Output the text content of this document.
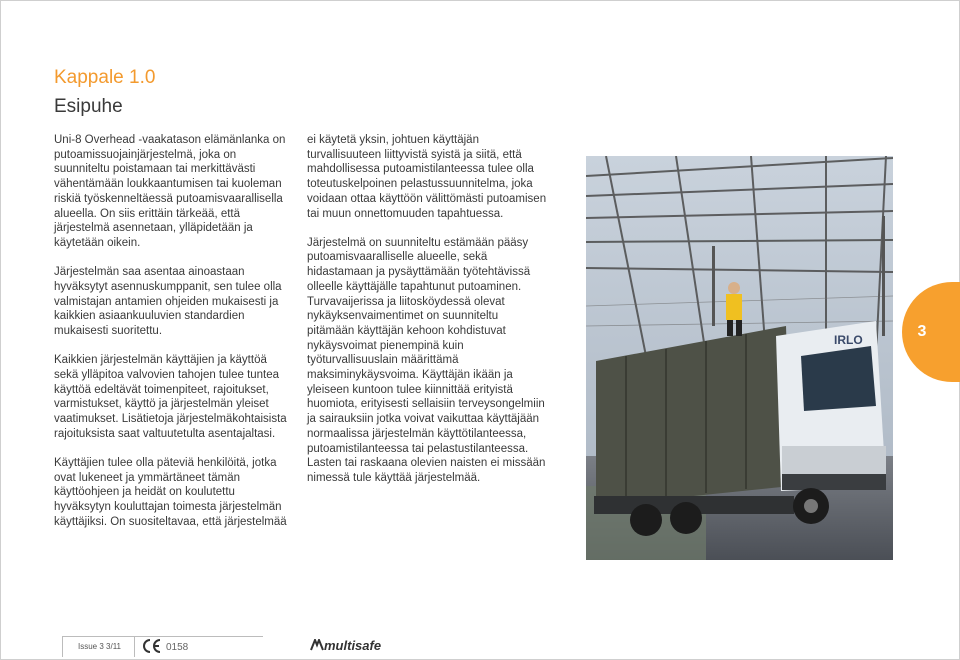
Kappale 1.0
Esipuhe

Uni-8 Overhead -vaakatason elämänlanka on putoamissuojainjärjestelmä, joka on suunniteltu poistamaan tai merkittävästi vähentämään loukkaantumisen tai kuoleman riskiä työskenneltäessä putoamisvaarallisella alueella. On siis erittäin tärkeää, että järjestelmä asennetaan, ylläpidetään ja käytetään oikein.

Järjestelmän saa asentaa ainoastaan hyväksytyt asennuskumppanit, sen tulee olla valmistajan antamien ohjeiden mukaisesti ja kaikkien asiaankuuluvien standardien mukaisesti suoritettu.

Kaikkien järjestelmän käyttäjien ja käyttöä sekä ylläpitoa valvovien tahojen tulee tuntea käyttöä edeltävät toimenpiteet, rajoitukset, varmistukset, käyttö ja järjestelmän yleiset vaatimukset. Lisätietoja järjestelmäkohtaisista rajoituksista saat valtuutetulta asentajaltasi.

Käyttäjien tulee olla päteviä henkilöitä, jotka ovat lukeneet ja ymmärtäneet tämän käyttöohjeen ja heidät on koulutettu hyväksytyn kouluttajan toimesta järjestelmän käyttäjiksi. On suositeltavaa, että järjestelmää

ei käytetä yksin, johtuen käyttäjän turvallisuuteen liittyvistä syistä ja siitä, että mahdollisessa putoamistilanteessa tulee olla toteutuskelpoinen pelastussuunnitelma, joka voidaan ottaa käyttöön välittömästi putoamisen tai muun onnettomuuden tapahtuessa.

Järjestelmä on suunniteltu estämään pääsy putoamisvaaralliselle alueelle, sekä hidastamaan ja pysäyttämään työtehtävissä olleelle käyttäjälle tapahtunut putoaminen. Turvavaijerissa ja liitosköydessä olevat nykäyksenvaimentimet on suunniteltu pitämään käyttäjän kehoon kohdistuvat nykäysvoimat pienempinä kuin työturvallisuuslain määrittämä maksiminykäysvoima. Käyttäjän ikään ja yleiseen kuntoon tulee kiinnittää erityistä huomiota, erityisesti sellaisiin terveysongelmiin ja sairauksiin jotka voivat vaikuttaa käyttäjään normaalissa järjestelmän käyttötilanteessa, putoamistilanteessa tai pelastustilanteessa. Lasten tai raskaana olevien naisten ei missään nimessä tule käyttää järjestelmää.

IRLO	3
Issue 3 3/11	0158	multisafe
